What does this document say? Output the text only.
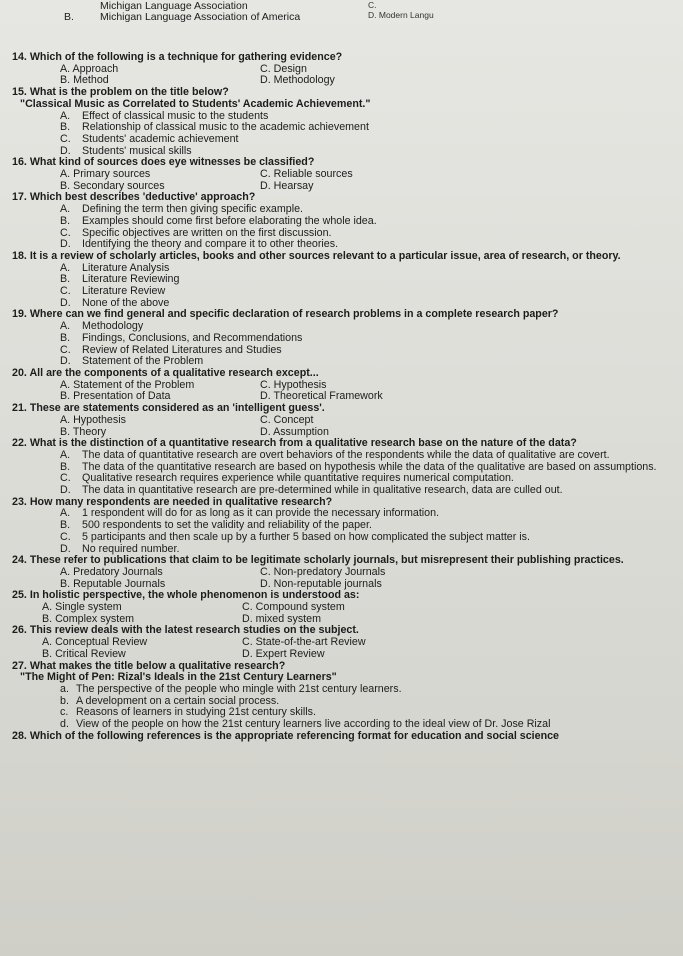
Michigan Language Association
B. Michigan Language Association of America
C.
D. Modern Langu
14. Which of the following is a technique for gathering evidence?
A. Approach	C. Design
B. Method	D. Methodology
15. What is the problem on the title below?
"Classical Music as Correlated to Students' Academic Achievement."
A.	Effect of classical music to the students
B.	Relationship of classical music to the academic achievement
C.	Students' academic achievement
D.	Students' musical skills
16. What kind of sources does eye witnesses be classified?
A. Primary sources	C. Reliable sources
B. Secondary sources	D. Hearsay
17. Which best describes 'deductive' approach?
A.	Defining the term then giving specific example.
B.	Examples should come first before elaborating the whole idea.
C.	Specific objectives are written on the first discussion.
D.	Identifying the theory and compare it to other theories.
18. It is a review of scholarly articles, books and other sources relevant to a particular issue, area of research, or theory.
A.	Literature Analysis
B.	Literature Reviewing
C.	Literature Review
D.	None of the above
19. Where can we find general and specific declaration of research problems in a complete research paper?
A.	Methodology
B.	Findings, Conclusions, and Recommendations
C.	Review of Related Literatures and Studies
D.	Statement of the Problem
20. All are the components of a qualitative research except...
A. Statement of the Problem	C. Hypothesis
B. Presentation of Data	D. Theoretical Framework
21. These are statements considered as an 'intelligent guess'.
A. Hypothesis	C. Concept
B. Theory	D. Assumption
22. What is the distinction of a quantitative research from a qualitative research base on the nature of the data?
A.	The data of quantitative research are overt behaviors of the respondents while the data of qualitative are covert.
B.	The data of the quantitative research are based on hypothesis while the data of the qualitative are based on assumptions.
C.	Qualitative research requires experience while quantitative requires numerical computation.
D.	The data in quantitative research are pre-determined while in qualitative research, data are culled out.
23. How many respondents are needed in qualitative research?
A.	1 respondent will do for as long as it can provide the necessary information.
B.	500 respondents to set the validity and reliability of the paper.
C.	5 participants and then scale up by a further 5 based on how complicated the subject matter is.
D.	No required number.
24. These refer to publications that claim to be legitimate scholarly journals, but misrepresent their publishing practices.
A. Predatory Journals	C. Non-predatory Journals
B. Reputable Journals	D. Non-reputable journals
25. In holistic perspective, the whole phenomenon is understood as:
A. Single system	C. Compound system
B. Complex system	D. mixed system
26. This review deals with the latest research studies on the subject.
A. Conceptual Review	C. State-of-the-art Review
B. Critical Review	D. Expert Review
27. What makes the title below a qualitative research?
"The Might of Pen: Rizal's Ideals in the 21st Century Learners"
a. The perspective of the people who mingle with 21st century learners.
b. A development on a certain social process.
c. Reasons of learners in studying 21st century skills.
d. View of the people on how the 21st century learners live according to the ideal view of Dr. Jose Rizal
28. Which of the following references is the appropriate referencing format for education and social science
